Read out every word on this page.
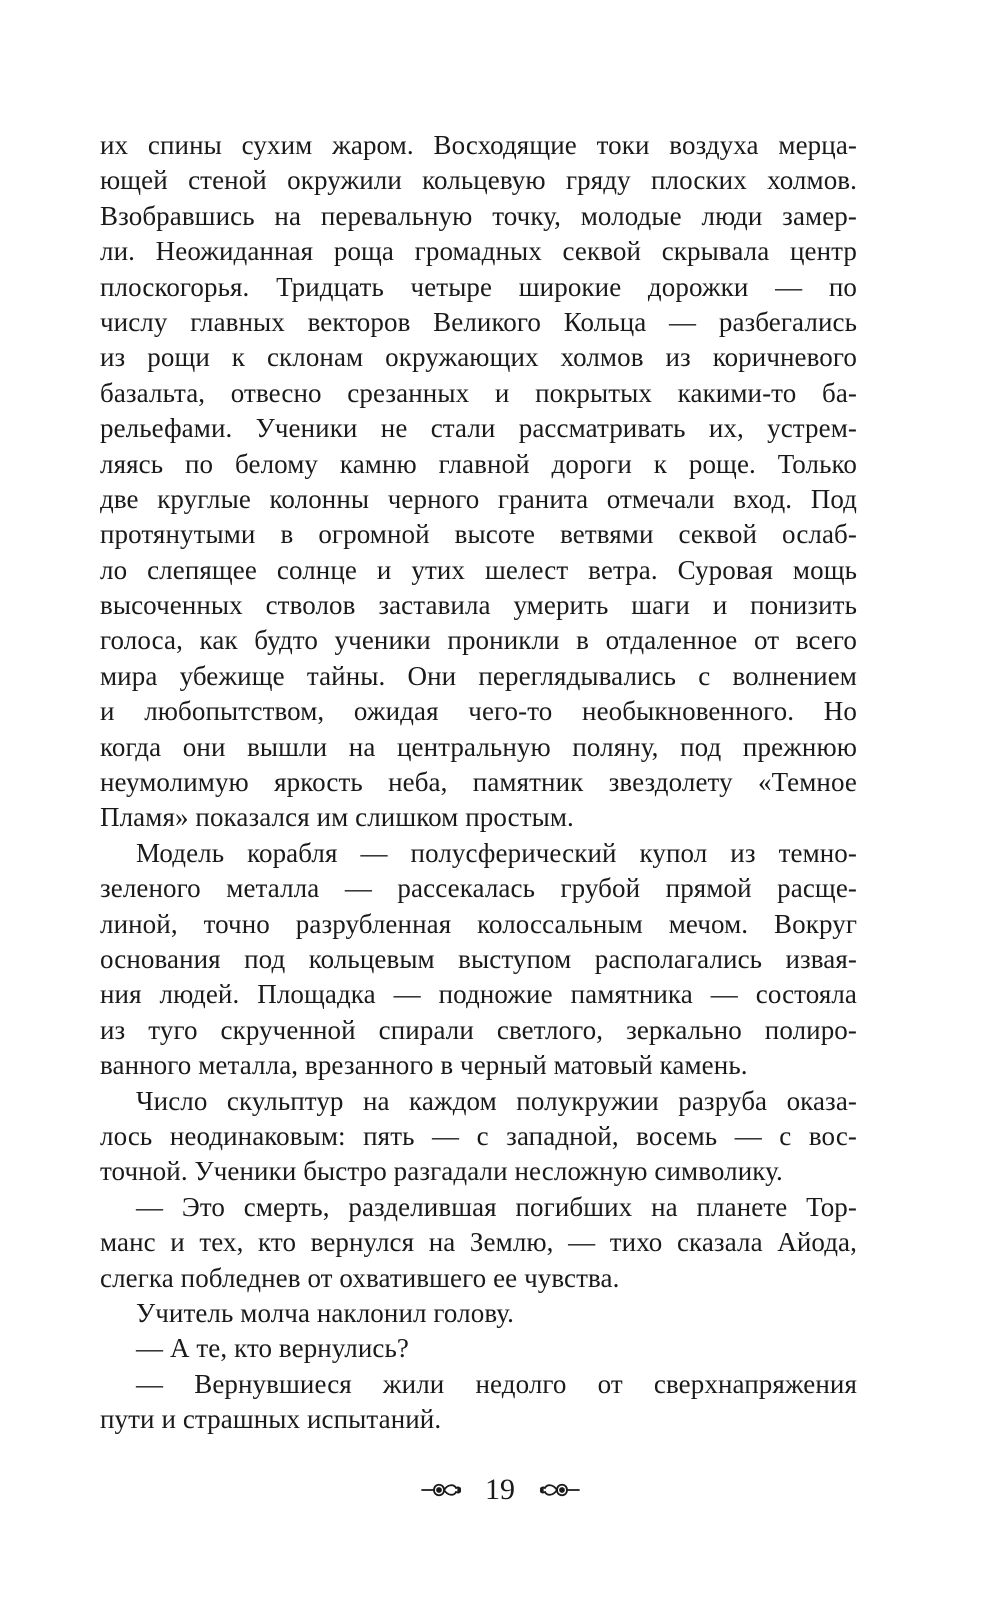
их спины сухим жаром. Восходящие токи воздуха мерца-
ющей стеной окружили кольцевую гряду плоских холмов.
Взобравшись на перевальную точку, молодые люди замер-
ли. Неожиданная роща громадных секвой скрывала центр
плоскогорья. Тридцать четыре широкие дорожки — по
числу главных векторов Великого Кольца — разбегались
из рощи к склонам окружающих холмов из коричневого
базальта, отвесно срезанных и покрытых какими-то ба-
рельефами. Ученики не стали рассматривать их, устрем-
ляясь по белому камню главной дороги к роще. Только
две круглые колонны черного гранита отмечали вход. Под
протянутыми в огромной высоте ветвями секвой ослаб-
ло слепящее солнце и утих шелест ветра. Суровая мощь
высоченных стволов заставила умерить шаги и понизить
голоса, как будто ученики проникли в отдаленное от всего
мира убежище тайны. Они переглядывались с волнением
и любопытством, ожидая чего-то необыкновенного. Но
когда они вышли на центральную поляну, под прежнюю
неумолимую яркость неба, памятник звездолету «Темное
Пламя» показался им слишком простым.
Модель корабля — полусферический купол из темно-
зеленого металла — рассекалась грубой прямой расще-
линой, точно разрубленная колоссальным мечом. Вокруг
основания под кольцевым выступом располагались извая-
ния людей. Площадка — подножие памятника — состояла
из туго скрученной спирали светлого, зеркально полиро-
ванного металла, врезанного в черный матовый камень.
Число скульптур на каждом полукружии разруба оказа-
лось неодинаковым: пять — с западной, восемь — с вос-
точной. Ученики быстро разгадали несложную символику.
— Это смерть, разделившая погибших на планете Тор-
манс и тех, кто вернулся на Землю, — тихо сказала Айода,
слегка побледнев от охватившего ее чувства.
Учитель молча наклонил голову.
— А те, кто вернулись?
— Вернувшиеся жили недолго от сверхнапряжения
пути и страшных испытаний.
19
